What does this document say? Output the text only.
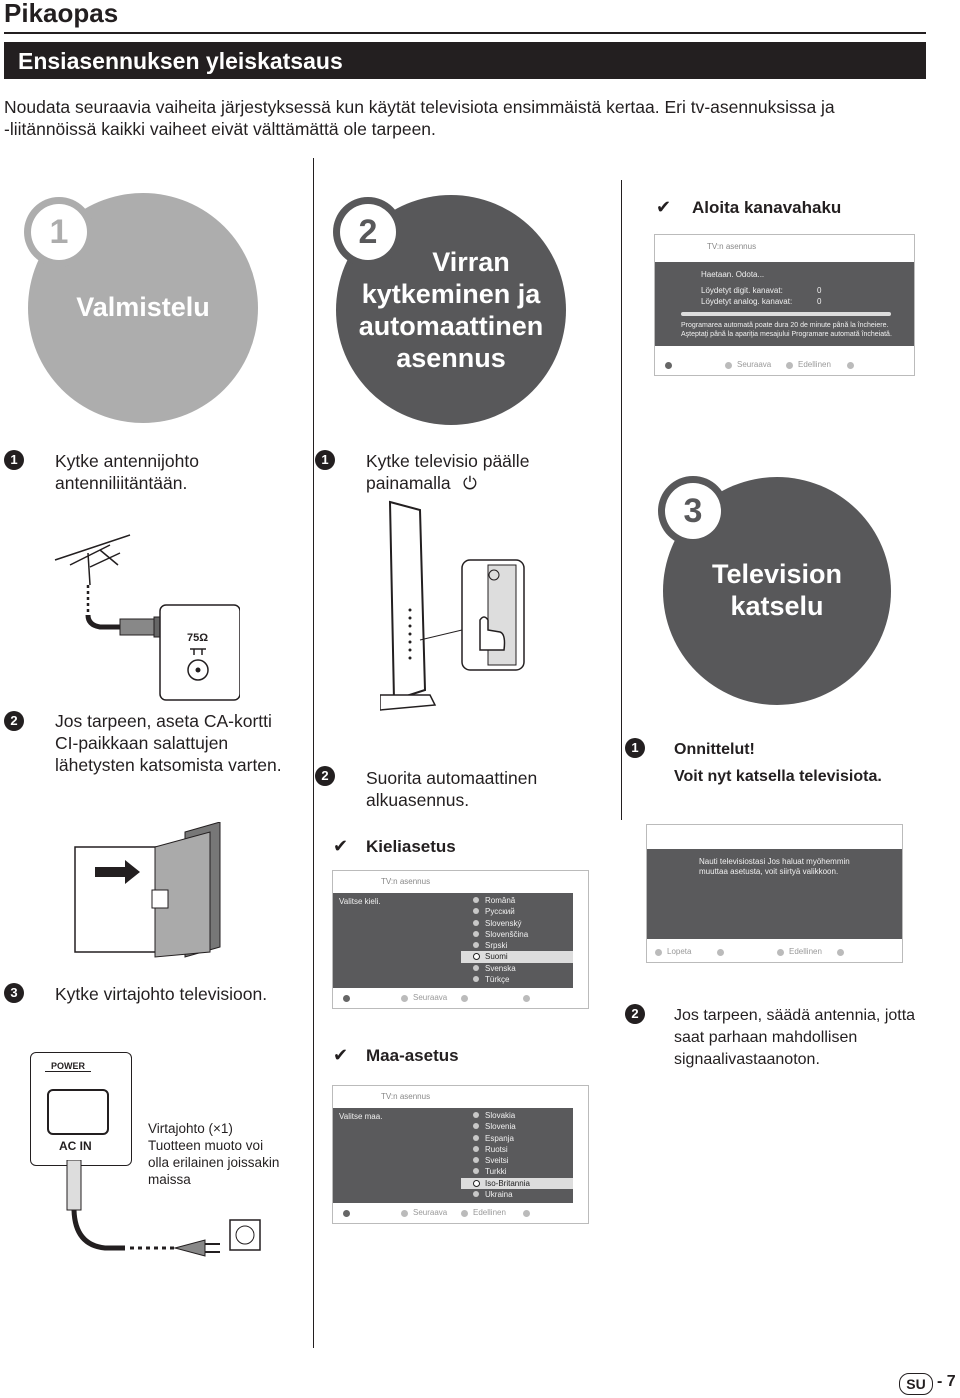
Pikaopas
Ensiasennuksen yleiskatsaus
Noudata seuraavia vaiheita järjestyksessä kun käytät televisiota ensimmäistä kertaa. Eri tv-asennuksissa ja -liitännöissä kaikki vaiheet eivät välttämättä ole tarpeen.
Valmistelu
1
Virran
kytkeminen ja
automaattinen
asennus
2
✔ Aloita kanavahaku
TV:n asennus
Haetaan. Odota...
Löydetyt digit. kanavat:	0
Löydetyt analog. kanavat:	0
Programarea automată poate dura 20 de minute până la încheiere.
Aşteptaţi până la apariţia mesajului Programare automată încheiată.
Seuraava	Edellinen
1	Kytke antennijohto antenniliitäntään.
75Ω
2	Jos tarpeen, aseta CA-kortti CI-paikkaan salattujen lähetysten katsomista varten.
3	Kytke virtajohto televisioon.
POWER
AC IN
Virtajohto (×1)
Tuotteen muoto voi olla erilainen joissakin maissa
1	Kytke televisio päälle
painamalla ⏻
2	Suorita automaattinen alkuasennus.
✔ Kieliasetus
TV:n asennus
Valitse kieli.	Română
Русский
Slovenský
Slovenščina
Srpski
Suomi
Svenska
Türkçe
Seuraava
✔ Maa-asetus
TV:n asennus
Valitse maa.	Slovakia
Slovenia
Espanja
Ruotsi
Sveitsi
Turkki
Iso-Britannia
Ukraina
Seuraava	Edellinen
Television
katselu
3
1	Onnittelut!
Voit nyt katsella televisiota.
Nauti televisiostasi Jos haluat myöhemmin muuttaa asetusta, voit siirtyä valikkoon.
Lopeta	Edellinen
2	Jos tarpeen, säädä antennia, jotta saat parhaan mahdollisen signaalivastaanoton.
SU - 7
